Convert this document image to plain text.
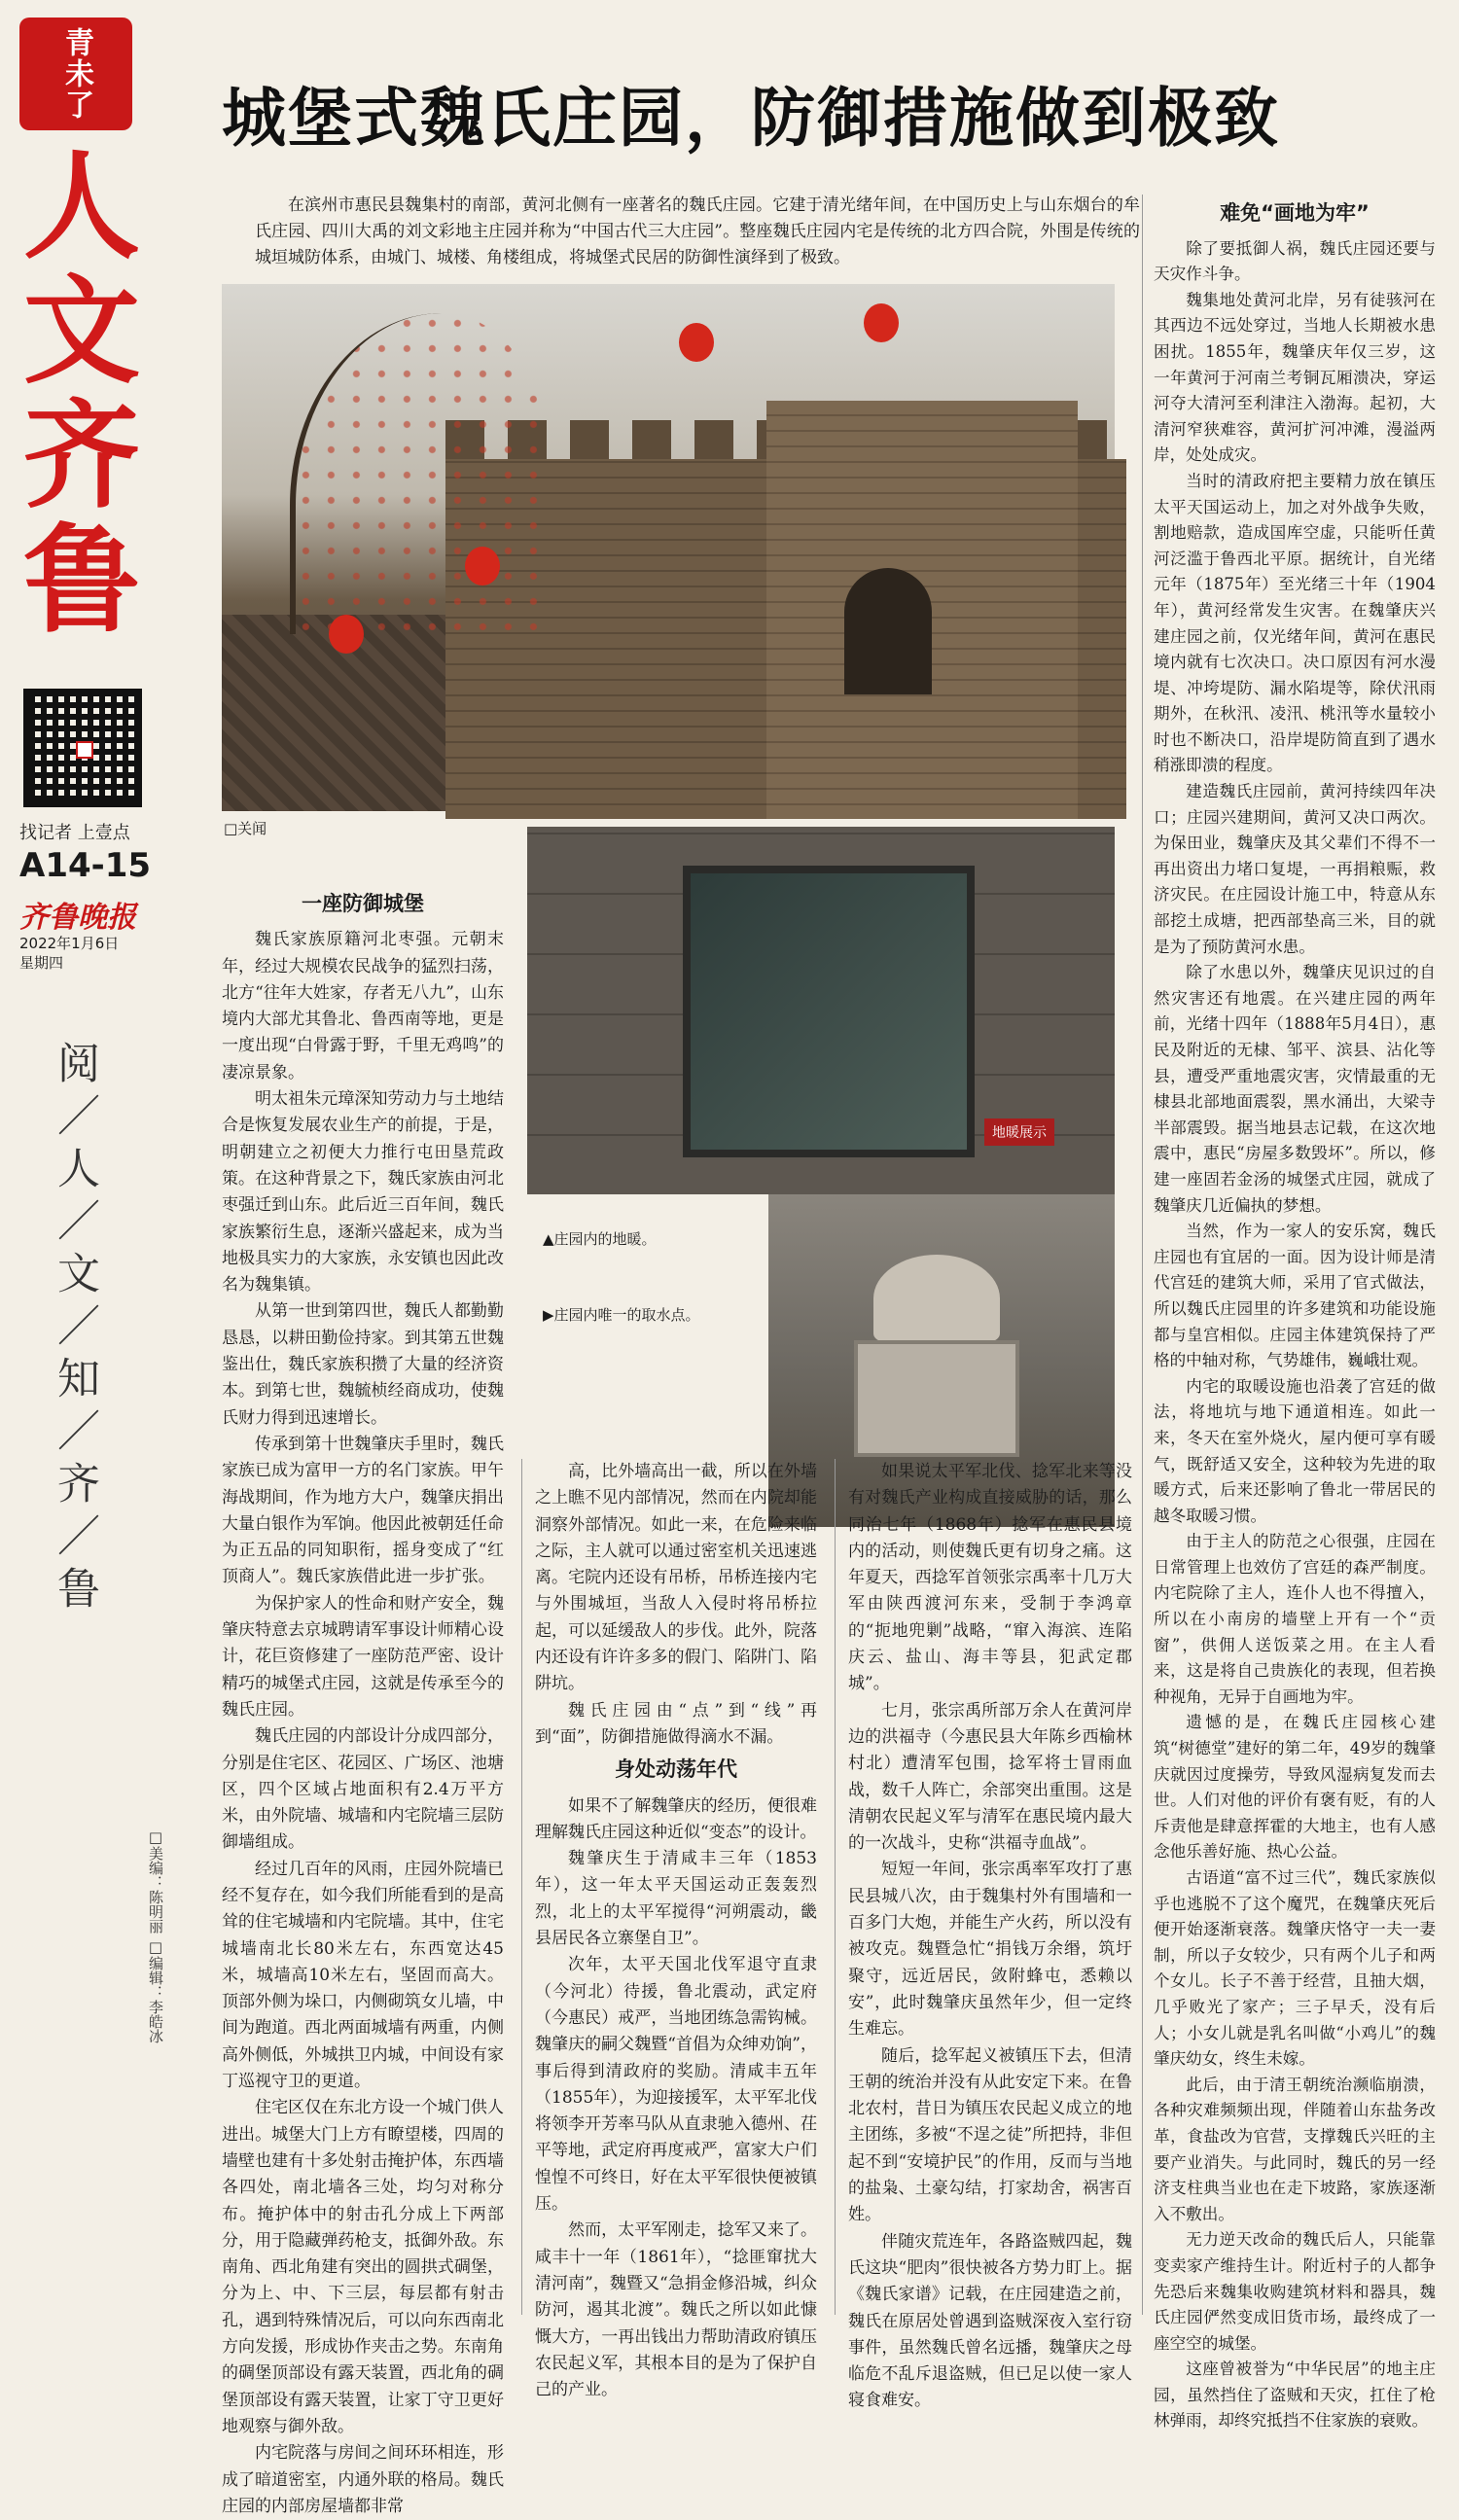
青未了
人文齐鲁
找记者 上壹点
A14-15
齐鲁晚报
2022年1月6日
星期四
阅／人／文／知／齐／鲁
□美编：陈明丽 □编辑：李皓冰
城堡式魏氏庄园，防御措施做到极致

在滨州市惠民县魏集村的南部，黄河北侧有一座著名的魏氏庄园。它建于清光绪年间，在中国历史上与山东烟台的牟氏庄园、四川大禹的刘文彩地主庄园并称为“中国古代三大庄园”。整座魏氏庄园内宅是传统的北方四合院，外围是传统的城垣城防体系，由城门、城楼、角楼组成，将城堡式民居的防御性演绎到了极致。

□关闻
地暖展示
▲庄园内的地暖。
▶庄园内唯一的取水点。
一座防御城堡

魏氏家族原籍河北枣强。元朝末年，经过大规模农民战争的猛烈扫荡，北方“往年大姓家，存者无八九”，山东境内大部尤其鲁北、鲁西南等地，更是一度出现“白骨露于野，千里无鸡鸣”的凄凉景象。

明太祖朱元璋深知劳动力与土地结合是恢复发展农业生产的前提，于是，明朝建立之初便大力推行屯田垦荒政策。在这种背景之下，魏氏家族由河北枣强迁到山东。此后近三百年间，魏氏家族繁衍生息，逐渐兴盛起来，成为当地极具实力的大家族，永安镇也因此改名为魏集镇。

从第一世到第四世，魏氏人都勤勤恳恳，以耕田勤俭持家。到其第五世魏鉴出仕，魏氏家族积攒了大量的经济资本。到第七世，魏毓桢经商成功，使魏氏财力得到迅速增长。

传承到第十世魏肇庆手里时，魏氏家族已成为富甲一方的名门家族。甲午海战期间，作为地方大户，魏肇庆捐出大量白银作为军饷。他因此被朝廷任命为正五品的同知职衔，摇身变成了“红顶商人”。魏氏家族借此进一步扩张。

为保护家人的性命和财产安全，魏肇庆特意去京城聘请军事设计师精心设计，花巨资修建了一座防范严密、设计精巧的城堡式庄园，这就是传承至今的魏氏庄园。

魏氏庄园的内部设计分成四部分，分别是住宅区、花园区、广场区、池塘区，四个区域占地面积有2.4万平方米，由外院墙、城墙和内宅院墙三层防御墙组成。

经过几百年的风雨，庄园外院墙已经不复存在，如今我们所能看到的是高耸的住宅城墙和内宅院墙。其中，住宅城墙南北长80米左右，东西宽达45米，城墙高10米左右，坚固而高大。顶部外侧为垛口，内侧砌筑女儿墙，中间为跑道。西北两面城墙有两重，内侧高外侧低，外城拱卫内城，中间设有家丁巡视守卫的更道。

住宅区仅在东北方设一个城门供人进出。城堡大门上方有瞭望楼，四周的墙壁也建有十多处射击掩护体，东西墙各四处，南北墙各三处，均匀对称分布。掩护体中的射击孔分成上下两部分，用于隐藏弹药枪支，抵御外敌。东南角、西北角建有突出的圆拱式碉堡，分为上、中、下三层，每层都有射击孔，遇到特殊情况后，可以向东西南北方向发援，形成协作夹击之势。东南角的碉堡顶部设有露天装置，西北角的碉堡顶部设有露天装置，让家丁守卫更好地观察与御外敌。

内宅院落与房间之间环环相连，形成了暗道密室，内通外联的格局。魏氏庄园的内部房屋墙都非常

高，比外墙高出一截，所以在外墙之上瞧不见内部情况，然而在内院却能洞察外部情况。如此一来，在危险来临之际，主人就可以通过密室机关迅速逃离。宅院内还设有吊桥，吊桥连接内宅与外围城垣，当敌人入侵时将吊桥拉起，可以延缓敌人的步伐。此外，院落内还设有许许多多的假门、陷阱门、陷阱坑。

魏氏庄园由“点”到“线”再到“面”，防御措施做得滴水不漏。

身处动荡年代

如果不了解魏肇庆的经历，便很难理解魏氏庄园这种近似“变态”的设计。

魏肇庆生于清咸丰三年（1853年），这一年太平天国运动正轰轰烈烈，北上的太平军搅得“河朔震动，畿县居民各立寨堡自卫”。

次年，太平天国北伐军退守直隶（今河北）待援，鲁北震动，武定府（今惠民）戒严，当地团练急需钩械。魏肇庆的嗣父魏暨“首倡为众绅劝饷”，事后得到清政府的奖励。清咸丰五年（1855年），为迎接援军，太平军北伐将领李开芳率马队从直隶驰入德州、茌平等地，武定府再度戒严，富家大户们惶惶不可终日，好在太平军很快便被镇压。

然而，太平军刚走，捻军又来了。咸丰十一年（1861年），“捻匪窜扰大清河南”，魏暨又“急捐金修沿城，纠众防河，遏其北渡”。魏氏之所以如此慷慨大方，一再出钱出力帮助清政府镇压农民起义军，其根本目的是为了保护自己的产业。

如果说太平军北伐、捻军北来等没有对魏氏产业构成直接威胁的话，那么同治七年（1868年）捻军在惠民县境内的活动，则使魏氏更有切身之痛。这年夏天，西捻军首领张宗禹率十几万大军由陕西渡河东来，受制于李鸿章的“扼地兜剿”战略，“窜入海滨、连陷庆云、盐山、海丰等县，犯武定郡城”。

七月，张宗禹所部万余人在黄河岸边的洪福寺（今惠民县大年陈乡西榆林村北）遭清军包围，捻军将士冒雨血战，数千人阵亡，余部突出重围。这是清朝农民起义军与清军在惠民境内最大的一次战斗，史称“洪福寺血战”。

短短一年间，张宗禹率军攻打了惠民县城八次，由于魏集村外有围墙和一百多门大炮，并能生产火药，所以没有被攻克。魏暨急忙“捐钱万余缗，筑圩聚守，远近居民，敛附蜂屯，悉赖以安”，此时魏肇庆虽然年少，但一定终生难忘。

随后，捻军起义被镇压下去，但清王朝的统治并没有从此安定下来。在鲁北农村，昔日为镇压农民起义成立的地主团练，多被“不逞之徒”所把持，非但起不到“安境护民”的作用，反而与当地的盐枭、土豪勾结，打家劫舍，祸害百姓。

伴随灾荒连年，各路盗贼四起，魏氏这块“肥肉”很快被各方势力盯上。据《魏氏家谱》记载，在庄园建造之前，魏氏在原居处曾遇到盗贼深夜入室行窃事件，虽然魏氏曾名远播，魏肇庆之母临危不乱斥退盗贼，但已足以使一家人寝食难安。

难免“画地为牢”

除了要抵御人祸，魏氏庄园还要与天灾作斗争。

魏集地处黄河北岸，另有徒骇河在其西边不远处穿过，当地人长期被水患困扰。1855年，魏肇庆年仅三岁，这一年黄河于河南兰考铜瓦厢溃决，穿运河夺大清河至利津注入渤海。起初，大清河窄狭难容，黄河扩河冲滩，漫溢两岸，处处成灾。

当时的清政府把主要精力放在镇压太平天国运动上，加之对外战争失败，割地赔款，造成国库空虚，只能听任黄河泛滥于鲁西北平原。据统计，自光绪元年（1875年）至光绪三十年（1904年），黄河经常发生灾害。在魏肇庆兴建庄园之前，仅光绪年间，黄河在惠民境内就有七次决口。决口原因有河水漫堤、冲垮堤防、漏水陷堤等，除伏汛雨期外，在秋汛、凌汛、桃汛等水量较小时也不断决口，沿岸堤防简直到了遇水稍涨即溃的程度。

建造魏氏庄园前，黄河持续四年决口；庄园兴建期间，黄河又决口两次。为保田业，魏肇庆及其父辈们不得不一再出资出力堵口复堤，一再捐粮赈，救济灾民。在庄园设计施工中，特意从东部挖土成塘，把西部垫高三米，目的就是为了预防黄河水患。

除了水患以外，魏肇庆见识过的自然灾害还有地震。在兴建庄园的两年前，光绪十四年（1888年5月4日），惠民及附近的无棣、邹平、滨县、沾化等县，遭受严重地震灾害，灾情最重的无棣县北部地面震裂，黑水涌出，大梁寺半部震毁。据当地县志记载，在这次地震中，惠民“房屋多数毁坏”。所以，修建一座固若金汤的城堡式庄园，就成了魏肇庆几近偏执的梦想。

当然，作为一家人的安乐窝，魏氏庄园也有宜居的一面。因为设计师是清代宫廷的建筑大师，采用了官式做法，所以魏氏庄园里的许多建筑和功能设施都与皇宫相似。庄园主体建筑保持了严格的中轴对称，气势雄伟，巍峨壮观。

内宅的取暖设施也沿袭了宫廷的做法，将地坑与地下通道相连。如此一来，冬天在室外烧火，屋内便可享有暖气，既舒适又安全，这种较为先进的取暖方式，后来还影响了鲁北一带居民的越冬取暖习惯。

由于主人的防范之心很强，庄园在日常管理上也效仿了宫廷的森严制度。内宅院除了主人，连仆人也不得擅入，所以在小南房的墙壁上开有一个“贡窗”，供佣人送饭菜之用。在主人看来，这是将自己贵族化的表现，但若换种视角，无异于自画地为牢。

遗憾的是，在魏氏庄园核心建筑“树德堂”建好的第二年，49岁的魏肇庆就因过度操劳，导致风湿病复发而去世。人们对他的评价有褒有贬，有的人斥责他是肆意挥霍的大地主，也有人感念他乐善好施、热心公益。

古语道“富不过三代”，魏氏家族似乎也逃脱不了这个魔咒，在魏肇庆死后便开始逐渐衰落。魏肇庆恪守一夫一妻制，所以子女较少，只有两个儿子和两个女儿。长子不善于经营，且抽大烟，几乎败光了家产；三子早夭，没有后人；小女儿就是乳名叫做“小鸡儿”的魏肇庆幼女，终生未嫁。

此后，由于清王朝统治濒临崩溃，各种灾难频频出现，伴随着山东盐务改革，食盐改为官营，支撑魏氏兴旺的主要产业消失。与此同时，魏氏的另一经济支柱典当业也在走下坡路，家族逐渐入不敷出。

无力逆天改命的魏氏后人，只能靠变卖家产维持生计。附近村子的人都争先恐后来魏集收购建筑材料和器具，魏氏庄园俨然变成旧货市场，最终成了一座空空的城堡。

这座曾被誉为“中华民居”的地主庄园，虽然挡住了盗贼和天灾，扛住了枪林弹雨，却终究抵挡不住家族的衰败。
